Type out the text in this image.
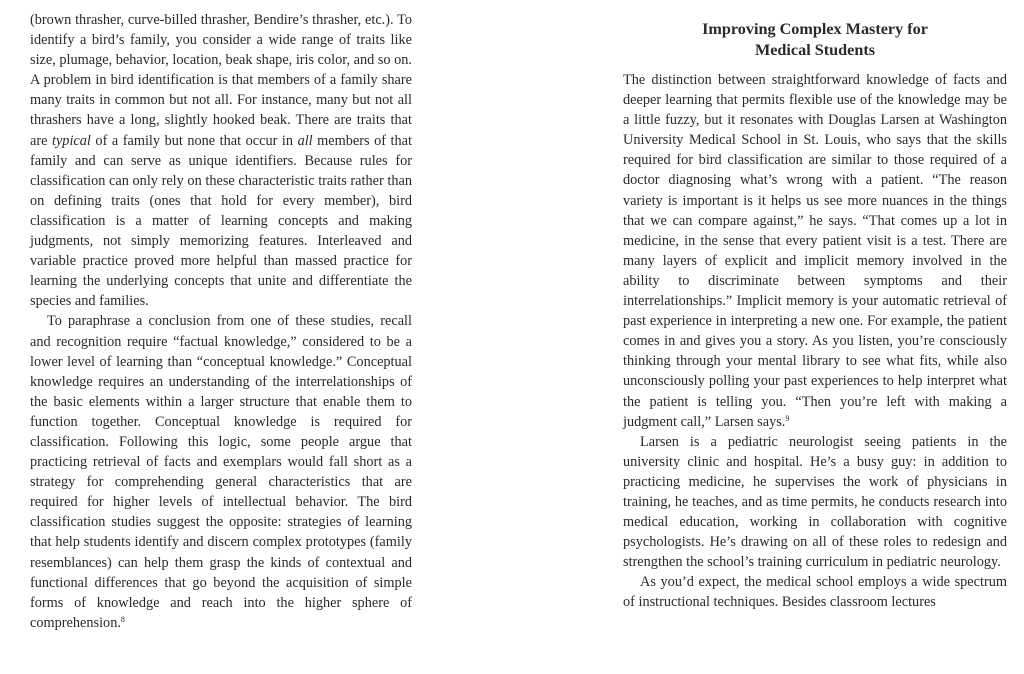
(brown thrasher, curve-billed thrasher, Bendire’s thrasher, etc.). To identify a bird’s family, you consider a wide range of traits like size, plumage, behavior, location, beak shape, iris color, and so on. A problem in bird identification is that members of a family share many traits in common but not all. For instance, many but not all thrashers have a long, slightly hooked beak. There are traits that are typical of a family but none that occur in all members of that family and can serve as unique identifiers. Because rules for classification can only rely on these characteristic traits rather than on defining traits (ones that hold for every member), bird classification is a matter of learning concepts and making judgments, not simply memorizing features. Interleaved and variable practice proved more helpful than massed practice for learning the underlying concepts that unite and differentiate the species and families.

To paraphrase a conclusion from one of these studies, recall and recognition require “factual knowledge,” considered to be a lower level of learning than “conceptual knowledge.” Conceptual knowledge requires an understanding of the interrelationships of the basic elements within a larger structure that enable them to function together. Conceptual knowledge is required for classification. Following this logic, some people argue that practicing retrieval of facts and exemplars would fall short as a strategy for comprehending general characteristics that are required for higher levels of intellectual behavior. The bird classification studies suggest the opposite: strategies of learning that help students identify and discern complex prototypes (family resemblances) can help them grasp the kinds of contextual and functional differences that go beyond the acquisition of simple forms of knowledge and reach into the higher sphere of comprehension.$^8$

Improving Complex Mastery for
Medical Students

The distinction between straightforward knowledge of facts and deeper learning that permits flexible use of the knowledge may be a little fuzzy, but it resonates with Douglas Larsen at Washington University Medical School in St. Louis, who says that the skills required for bird classification are similar to those required of a doctor diagnosing what’s wrong with a patient. “The reason variety is important is it helps us see more nuances in the things that we can compare against,” he says. “That comes up a lot in medicine, in the sense that every patient visit is a test. There are many layers of explicit and implicit memory involved in the ability to discriminate between symptoms and their interrelationships.” Implicit memory is your automatic retrieval of past experience in interpreting a new one. For example, the patient comes in and gives you a story. As you listen, you’re consciously thinking through your mental library to see what fits, while also unconsciously polling your past experiences to help interpret what the patient is telling you. “Then you’re left with making a judgment call,” Larsen says.$^9$

Larsen is a pediatric neurologist seeing patients in the university clinic and hospital. He’s a busy guy: in addition to practicing medicine, he supervises the work of physicians in training, he teaches, and as time permits, he conducts research into medical education, working in collaboration with cognitive psychologists. He’s drawing on all of these roles to redesign and strengthen the school’s training curriculum in pediatric neurology.

As you’d expect, the medical school employs a wide spectrum of instructional techniques. Besides classroom lectures
